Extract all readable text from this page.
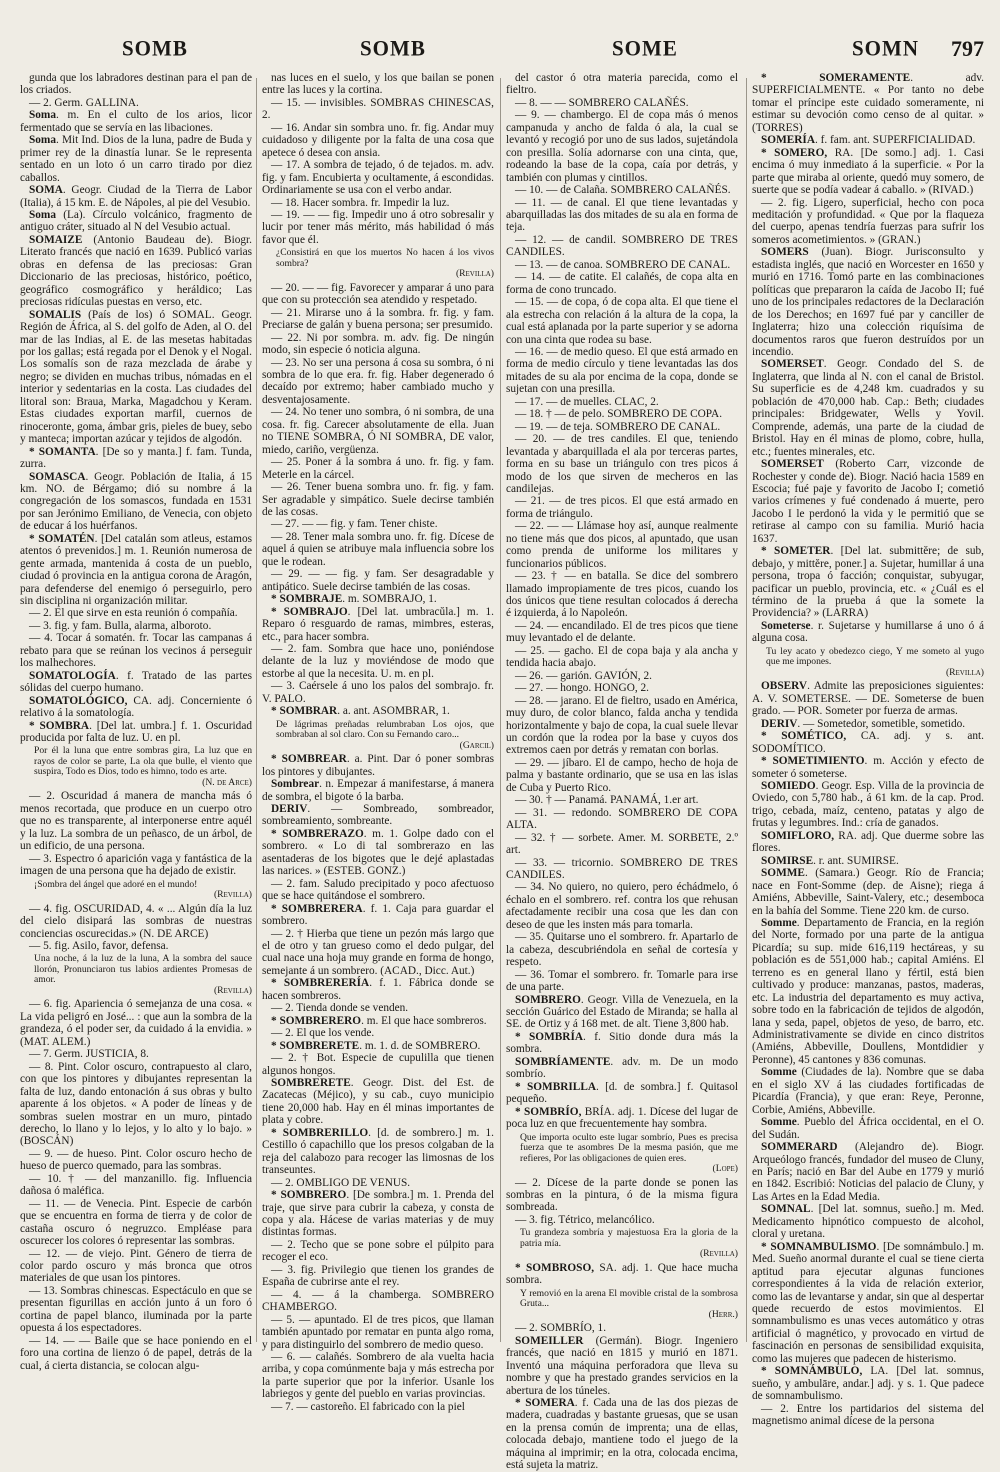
SOMB	SOMB	SOME	SOMN 797

gunda que los labradores destinan para el pan de los criados.

— 2. Germ. GALLINA.

Soma. m. En el culto de los arios, licor fermentado que se servía en las libaciones.

Soma. Mit Ind. Dios de la luna, padre de Buda y primer rey de la dinastía lunar. Se le representa sentado en un loto ó un carro tirado por diez caballos.

SOMA. Geogr. Ciudad de la Tierra de Labor (Italia), á 15 km. E. de Nápoles, al pie del Vesubio.

Soma (La). Círculo volcánico, fragmento de antiguo cráter, situado al N del Vesubio actual.

SOMAIZE (Antonio Baudeau de). Biogr. Literato francés que nació en 1639. Publicó varias obras en defensa de las preciosas: Gran Diccionario de las preciosas, histórico, poético, geográfico cosmográfico y heráldico; Las preciosas ridículas puestas en verso, etc.

SOMALIS (País de los) ó SOMAL. Geogr. Región de África, al S. del golfo de Aden, al O. del mar de las Indias, al E. de las mesetas habitadas por los gallas; está regada por el Denok y el Nogal. Los somalís son de raza mezclada de árabe y negro; se dividen en muchas tribus, nómadas en el interior y sedentarias en la costa. Las ciudades del litoral son: Braua, Marka, Magadchou y Keram. Estas ciudades exportan marfil, cuernos de rinoceronte, goma, ámbar gris, pieles de buey, sebo y manteca; importan azúcar y tejidos de algodón.

* SOMANTA. [De so y manta.] f. fam. Tunda, zurra.

SOMASCA. Geogr. Población de Italia, á 15 km. NO. de Bérgamo; dió su nombre á la congregación de los somascos, fundada en 1531 por san Jerónimo Emiliano, de Venecia, con objeto de educar á los huérfanos.

* SOMATÉN. [Del catalán som atleus, estamos atentos ó prevenidos.] m. 1. Reunión numerosa de gente armada, mantenida á costa de un pueblo, ciudad ó provincia en la antigua corona de Aragón, para defenderse del enemigo ó perseguirlo, pero sin disciplina ni organización militar.

— 2. El que sirve en esta reunión ó compañía.

— 3. fig. y fam. Bulla, alarma, alboroto.

— 4. Tocar á somatén. fr. Tocar las campanas á rebato para que se reúnan los vecinos á perseguir los malhechores.

SOMATOLOGÍA. f. Tratado de las partes sólidas del cuerpo humano.

SOMATOLÓGICO, CA. adj. Concerniente ó relativo á la somatología.

* SOMBRA. [Del lat. umbra.] f. 1. Oscuridad producida por falta de luz. U. en pl.

Por él la luna que entre sombras gira, La luz que en rayos de color se parte, La ola que bulle, el viento que suspira, Todo es Dios, todo es himno, todo es arte.
(N. de Arce)

— 2. Oscuridad á manera de mancha más ó menos recortada, que produce en un cuerpo otro que no es transparente, al interponerse entre aquél y la luz. La sombra de un peñasco, de un árbol, de un edificio, de una persona.

— 3. Espectro ó aparición vaga y fantástica de la imagen de una persona que ha dejado de existir.

¡Sombra del ángel que adoré en el mundo!
(Revilla)

— 4. fig. OSCURIDAD, 4. « ... Algún día la luz del cielo disipará las sombras de nuestras conciencias oscurecidas.» (N. DE ARCE)

— 5. fig. Asilo, favor, defensa.

Una noche, á la luz de la luna, A la sombra del sauce llorón, Pronunciaron tus labios ardientes Promesas de amor.
(Revilla)

— 6. fig. Apariencia ó semejanza de una cosa. « La vida peligró en José... : que aun la sombra de la grandeza, ó el poder ser, da cuidado á la envidia. » (MAT. ALEM.)

— 7. Germ. JUSTICIA, 8.

— 8. Pint. Color oscuro, contrapuesto al claro, con que los pintores y dibujantes representan la falta de luz, dando entonación á sus obras y bulto aparente á los objetos. « A poder de líneas y de sombras suelen mostrar en un muro, pintado derecho, lo llano y lo lejos, y lo alto y lo bajo. » (BOSCÁN)

— 9. — de hueso. Pint. Color oscuro hecho de hueso de puerco quemado, para las sombras.

— 10. † — del manzanillo. fig. Influencia dañosa ó maléfica.

— 11. — de Venecia. Pint. Especie de carbón que se encuentra en forma de tierra y de color de castaña oscuro ó negruzco. Empléase para oscurecer los colores ó representar las sombras.

— 12. — de viejo. Pint. Género de tierra de color pardo oscuro y más bronca que otros materiales de que usan los pintores.

— 13. Sombras chinescas. Espectáculo en que se presentan figurillas en acción junto á un foro ó cortina de papel blanco, iluminada por la parte opuesta á los espectadores.

— 14. — — Baile que se hace poniendo en el foro una cortina de lienzo ó de papel, detrás de la cual, á cierta distancia, se colocan algu-

nas luces en el suelo, y los que bailan se ponen entre las luces y la cortina.

— 15. — invisibles. SOMBRAS CHINESCAS, 2.

— 16. Andar sin sombra uno. fr. fig. Andar muy cuidadoso y diligente por la falta de una cosa que apetece ó desea con ansia.

— 17. A sombra de tejado, ó de tejados. m. adv. fig. y fam. Encubierta y ocultamente, á escondidas. Ordinariamente se usa con el verbo andar.

— 18. Hacer sombra. fr. Impedir la luz.

— 19. — — fig. Impedir uno á otro sobresalir y lucir por tener más mérito, más habilidad ó más favor que él.

¿Consistirá en que los muertos No hacen á los vivos sombra?
(Revilla)

— 20. — — fig. Favorecer y amparar á uno para que con su protección sea atendido y respetado.

— 21. Mirarse uno á la sombra. fr. fig. y fam. Preciarse de galán y buena persona; ser presumido.

— 22. Ni por sombra. m. adv. fig. De ningún modo, sin especie ó noticia alguna.

— 23. No ser una persona á cosa su sombra, ó ni sombra de lo que era. fr. fig. Haber degenerado ó decaído por extremo; haber cambiado mucho y desventajosamente.

— 24. No tener uno sombra, ó ni sombra, de una cosa. fr. fig. Carecer absolutamente de ella. Juan no TIENE SOMBRA, Ó NI SOMBRA, DE valor, miedo, cariño, vergüenza.

— 25. Poner á la sombra á uno. fr. fig. y fam. Meterle en la cárcel.

— 26. Tener buena sombra uno. fr. fig. y fam. Ser agradable y simpático. Suele decirse también de las cosas.

— 27. — — fig. y fam. Tener chiste.

— 28. Tener mala sombra uno. fr. fig. Dícese de aquel á quien se atribuye mala influencia sobre los que le rodean.

— 29. — — fig. y fam. Ser desagradable y antipático. Suele decirse también de las cosas.

* SOMBRAJE. m. SOMBRAJO, 1.

* SOMBRAJO. [Del lat. umbracŭla.] m. 1. Reparo ó resguardo de ramas, mimbres, esteras, etc., para hacer sombra.

— 2. fam. Sombra que hace uno, poniéndose delante de la luz y moviéndose de modo que estorbe al que la necesita. U. m. en pl.

— 3. Caérsele á uno los palos del sombrajo. fr. V. PALO.

* SOMBRAR. a. ant. ASOMBRAR, 1.

De lágrimas preñadas relumbraban Los ojos, que sombraban al sol claro. Con su Fernando caro...
(Garcil)

* SOMBREAR. a. Pint. Dar ó poner sombras los pintores y dibujantes.

Sombrear. n. Empezar á manifestarse, á manera de sombra, el bigote ó la barba.

DERIV. — Sombreado, sombreador, sombreamiento, sombreante.

* SOMBRERAZO. m. 1. Golpe dado con el sombrero. « Lo di tal sombrerazo en las asentaderas de los bigotes que le dejé aplastadas las narices. » (ESTEB. GONZ.)

— 2. fam. Saludo precipitado y poco afectuoso que se hace quitándose el sombrero.

* SOMBRERERA. f. 1. Caja para guardar el sombrero.

— 2. † Hierba que tiene un pezón más largo que el de otro y tan grueso como el dedo pulgar, del cual nace una hoja muy grande en forma de hongo, semejante á un sombrero. (ACAD., Dicc. Aut.)

* SOMBRERERÍA. f. 1. Fábrica donde se hacen sombreros.

— 2. Tienda donde se venden.

* SOMBRERERO. m. El que hace sombreros.

— 2. El que los vende.

* SOMBRERETE. m. 1. d. de SOMBRERO.

— 2. † Bot. Especie de cupulilla que tienen algunos hongos.

SOMBRERETE. Geogr. Dist. del Est. de Zacatecas (Méjico), y su cab., cuyo municipio tiene 20,000 hab. Hay en él minas importantes de plata y cobre.

* SOMBRERILLO. [d. de sombrero.] m. 1. Cestillo ó capachillo que los presos colgaban de la reja del calabozo para recoger las limosnas de los transeuntes.

— 2. OMBLIGO DE VENUS.

* SOMBRERO. [De sombra.] m. 1. Prenda del traje, que sirve para cubrir la cabeza, y consta de copa y ala. Hácese de varias materias y de muy distintas formas.

— 2. Techo que se pone sobre el púlpito para recoger el eco.

— 3. fig. Privilegio que tienen los grandes de España de cubrirse ante el rey.

— 4. — á la chamberga. SOMBRERO CHAMBERGO.

— 5. — apuntado. El de tres picos, que llaman también apuntado por rematar en punta algo roma, y para distinguirlo del sombrero de medio queso.

— 6. — calañés. Sombrero de ala vuelta hacia arriba, y copa comúnmente baja y más estrecha por la parte superior que por la inferior. Usanle los labriegos y gente del pueblo en varias provincias.

— 7. — castoreño. El fabricado con la piel

del castor ó otra materia parecida, como el fieltro.

— 8. — — SOMBRERO CALAÑÉS.

— 9. — chambergo. El de copa más ó menos campanuda y ancho de falda ó ala, la cual se levantó y recogió por uno de sus lados, sujetándola con presilla. Solía adornarse con una cinta, que, rodeando la base de la copa, caía por detrás, y también con plumas y cintillos.

— 10. — de Calaña. SOMBRERO CALAÑÉS.

— 11. — de canal. El que tiene levantadas y abarquilladas las dos mitades de su ala en forma de teja.

— 12. — de candil. SOMBRERO DE TRES CANDILES.

— 13. — de canoa. SOMBRERO DE CANAL.

— 14. — de catite. El calañés, de copa alta en forma de cono truncado.

— 15. — de copa, ó de copa alta. El que tiene el ala estrecha con relación á la altura de la copa, la cual está aplanada por la parte superior y se adorna con una cinta que rodea su base.

— 16. — de medio queso. El que está armado en forma de medio círculo y tiene levantadas las dos mitades de su ala por encima de la copa, donde se sujetan con una presilla.

— 17. — de muelles. CLAC, 2.

— 18. † — de pelo. SOMBRERO DE COPA.

— 19. — de teja. SOMBRERO DE CANAL.

— 20. — de tres candiles. El que, teniendo levantada y abarquillada el ala por terceras partes, forma en su base un triángulo con tres picos á modo de los que sirven de mecheros en las candilejas.

— 21. — de tres picos. El que está armado en forma de triángulo.

— 22. — — Llámase hoy así, aunque realmente no tiene más que dos picos, al apuntado, que usan como prenda de uniforme los militares y funcionarios públicos.

— 23. † — en batalla. Se dice del sombrero llamado impropiamente de tres picos, cuando los dos únicos que tiene resultan colocados á derecha é izquierda, á lo Napoleón.

— 24. — encandilado. El de tres picos que tiene muy levantado el de delante.

— 25. — gacho. El de copa baja y ala ancha y tendida hacia abajo.

— 26. — garión. GAVIÓN, 2.

— 27. — hongo. HONGO, 2.

— 28. — jarano. El de fieltro, usado en América, muy duro, de color blanco, falda ancha y tendida horizontalmente y bajo de copa, la cual suele llevar un cordón que la rodea por la base y cuyos dos extremos caen por detrás y rematan con borlas.

— 29. — jíbaro. El de campo, hecho de hoja de palma y bastante ordinario, que se usa en las islas de Cuba y Puerto Rico.

— 30. † — Panamá. PANAMÁ, 1.er art.

— 31. — redondo. SOMBRERO DE COPA ALTA.

— 32. † — sorbete. Amer. M. SORBETE, 2.º art.

— 33. — tricornio. SOMBRERO DE TRES CANDILES.

— 34. No quiero, no quiero, pero échádmelo, ó échalo en el sombrero. ref. contra los que rehusan afectadamente recibir una cosa que les dan con deseo de que les insten más para tomarla.

— 35. Quitarse uno el sombrero. fr. Apartarlo de la cabeza, descubriéndola en señal de cortesía y respeto.

— 36. Tomar el sombrero. fr. Tomarle para irse de una parte.

SOMBRERO. Geogr. Villa de Venezuela, en la sección Guárico del Estado de Miranda; se halla al SE. de Ortiz y á 168 met. de alt. Tiene 3,800 hab.

* SOMBRÍA. f. Sitio donde dura más la sombra.

SOMBRÍAMENTE. adv. m. De un modo sombrío.

* SOMBRILLA. [d. de sombra.] f. Quitasol pequeño.

* SOMBRÍO, BRÍA. adj. 1. Dícese del lugar de poca luz en que frecuentemente hay sombra.

Que importa oculto este lugar sombrío, Pues es precisa fuerza que te asombres De la mesma pasión, que me refieres, Por las obligaciones de quien eres.
(Lope)

— 2. Dícese de la parte donde se ponen las sombras en la pintura, ó de la misma figura sombreada.

— 3. fig. Tétrico, melancólico.

Tu grandeza sombría y majestuosa Era la gloria de la patria mía.
(Revilla)

* SOMBROSO, SA. adj. 1. Que hace mucha sombra.

Y removió en la arena El movible cristal de la sombrosa Gruta...
(Herr.)

— 2. SOMBRÍO, 1.

SOMEILLER (Germán). Biogr. Ingeniero francés, que nació en 1815 y murió en 1871. Inventó una máquina perforadora que lleva su nombre y que ha prestado grandes servicios en la abertura de los túneles.

* SOMERA. f. Cada una de las dos piezas de madera, cuadradas y bastante gruesas, que se usan en la prensa común de imprenta; una de ellas, colocada debajo, mantiene todo el juego de la máquina al imprimir; en la otra, colocada encima, está sujeta la matriz.

* SOMERAMENTE. adv. SUPERFICIALMENTE. « Por tanto no debe tomar el príncipe este cuidado someramente, ni estimar su devoción como censo de al quitar. » (TORRES)

SOMERÍA. f. fam. ant. SUPERFICIALIDAD.

* SOMERO, RA. [De somo.] adj. 1. Casi encima ó muy inmediato á la superficie. « Por la parte que miraba al oriente, quedó muy somero, de suerte que se podía vadear á caballo. » (RIVAD.)

— 2. fig. Ligero, superficial, hecho con poca meditación y profundidad. « Que por la flaqueza del cuerpo, apenas tendría fuerzas para sufrir los someros acometimientos. » (GRAN.)

SOMERS (Juan). Biogr. Jurisconsulto y estadista inglés, que nació en Worcester en 1650 y murió en 1716. Tomó parte en las combinaciones políticas que prepararon la caída de Jacobo II; fué uno de los principales redactores de la Declaración de los Derechos; en 1697 fué par y canciller de Inglaterra; hizo una colección riquísima de documentos raros que fueron destruídos por un incendio.

SOMERSET. Geogr. Condado del S. de Inglaterra, que linda al N. con el canal de Bristol. Su superficie es de 4,248 km. cuadrados y su población de 470,000 hab. Cap.: Beth; ciudades principales: Bridgewater, Wells y Yovil. Comprende, además, una parte de la ciudad de Bristol. Hay en él minas de plomo, cobre, hulla, etc.; fuentes minerales, etc.

SOMERSET (Roberto Carr, vizconde de Rochester y conde de). Biogr. Nació hacia 1589 en Escocia; fué paje y favorito de Jacobo I; cometió varios crímenes y fué condenado á muerte, pero Jacobo I le perdonó la vida y le permitió que se retirase al campo con su familia. Murió hacia 1637.

* SOMETER. [Del lat. submittĕre; de sub, debajo, y mittĕre, poner.] a. Sujetar, humillar á una persona, tropa ó facción; conquistar, subyugar, pacificar un pueblo, provincia, etc. « ¿Cuál es el término de la prueba á que la somete la Providencia? » (LARRA)

Someterse. r. Sujetarse y humillarse á uno ó á alguna cosa.

Tu ley acato y obedezco ciego, Y me someto al yugo que me impones.
(Revilla)

OBSERV. Admite las preposiciones siguientes: A. V. SOMETERSE. — DE. Someterse de buen grado. — POR. Someter por fuerza de armas.

DERIV. — Sometedor, sometible, sometido.

* SOMÉTICO, CA. adj. y s. ant. SODOMÍTICO.

* SOMETIMIENTO. m. Acción y efecto de someter ó someterse.

SOMIEDO. Geogr. Esp. Villa de la provincia de Oviedo, con 5,780 hab., á 61 km. de la cap. Prod. trigo, cebada, maíz, centeno, patatas y algo de frutas y legumbres. Ind.: cría de ganados.

SOMIFLORO, RA. adj. Que duerme sobre las flores.

SOMIRSE. r. ant. SUMIRSE.

SOMME. (Samara.) Geogr. Río de Francia; nace en Font-Somme (dep. de Aisne); riega á Amiéns, Abbeville, Saint-Valery, etc.; desemboca en la bahía del Somme. Tiene 220 km. de curso.

Somme. Departamento de Francia, en la región del Norte, formado por una parte de la antigua Picardía; su sup. mide 616,119 hectáreas, y su población es de 551,000 hab.; capital Amiéns. El terreno es en general llano y fértil, está bien cultivado y produce: manzanas, pastos, maderas, etc. La industria del departamento es muy activa, sobre todo en la fabricación de tejidos de algodón, lana y seda, papel, objetos de yeso, de barro, etc. Administrativamente se divide en cinco distritos (Amiéns, Abbeville, Doullens, Montdidier y Peronne), 45 cantones y 836 comunas.

Somme (Ciudades de la). Nombre que se daba en el siglo XV á las ciudades fortificadas de Picardía (Francia), y que eran: Reye, Peronne, Corbie, Amiéns, Abbeville.

Somme. Pueblo del África occidental, en el O. del Sudán.

SOMMERARD (Alejandro de). Biogr. Arqueólogo francés, fundador del museo de Cluny, en París; nació en Bar del Aube en 1779 y murió en 1842. Escribió: Noticias del palacio de Cluny, y Las Artes en la Edad Media.

SOMNAL. [Del lat. somnus, sueño.] m. Med. Medicamento hipnótico compuesto de alcohol, cloral y uretana.

* SOMNAMBULISMO. [De somnámbulo.] m. Med. Sueño anormal durante el cual se tiene cierta aptitud para ejecutar algunas funciones correspondientes á la vida de relación exterior, como las de levantarse y andar, sin que al despertar quede recuerdo de estos movimientos. El somnambulismo es unas veces automático y otras artificial ó magnético, y provocado en virtud de fascinación en personas de sensibilidad exquisita, como las mujeres que padecen de histerismo.

* SOMNÁMBULO, LA. [Del lat. somnus, sueño, y ambulāre, andar.] adj. y s. 1. Que padece de somnambulismo.

— 2. Entre los partidarios del sistema del magnetismo animal dícese de la persona
